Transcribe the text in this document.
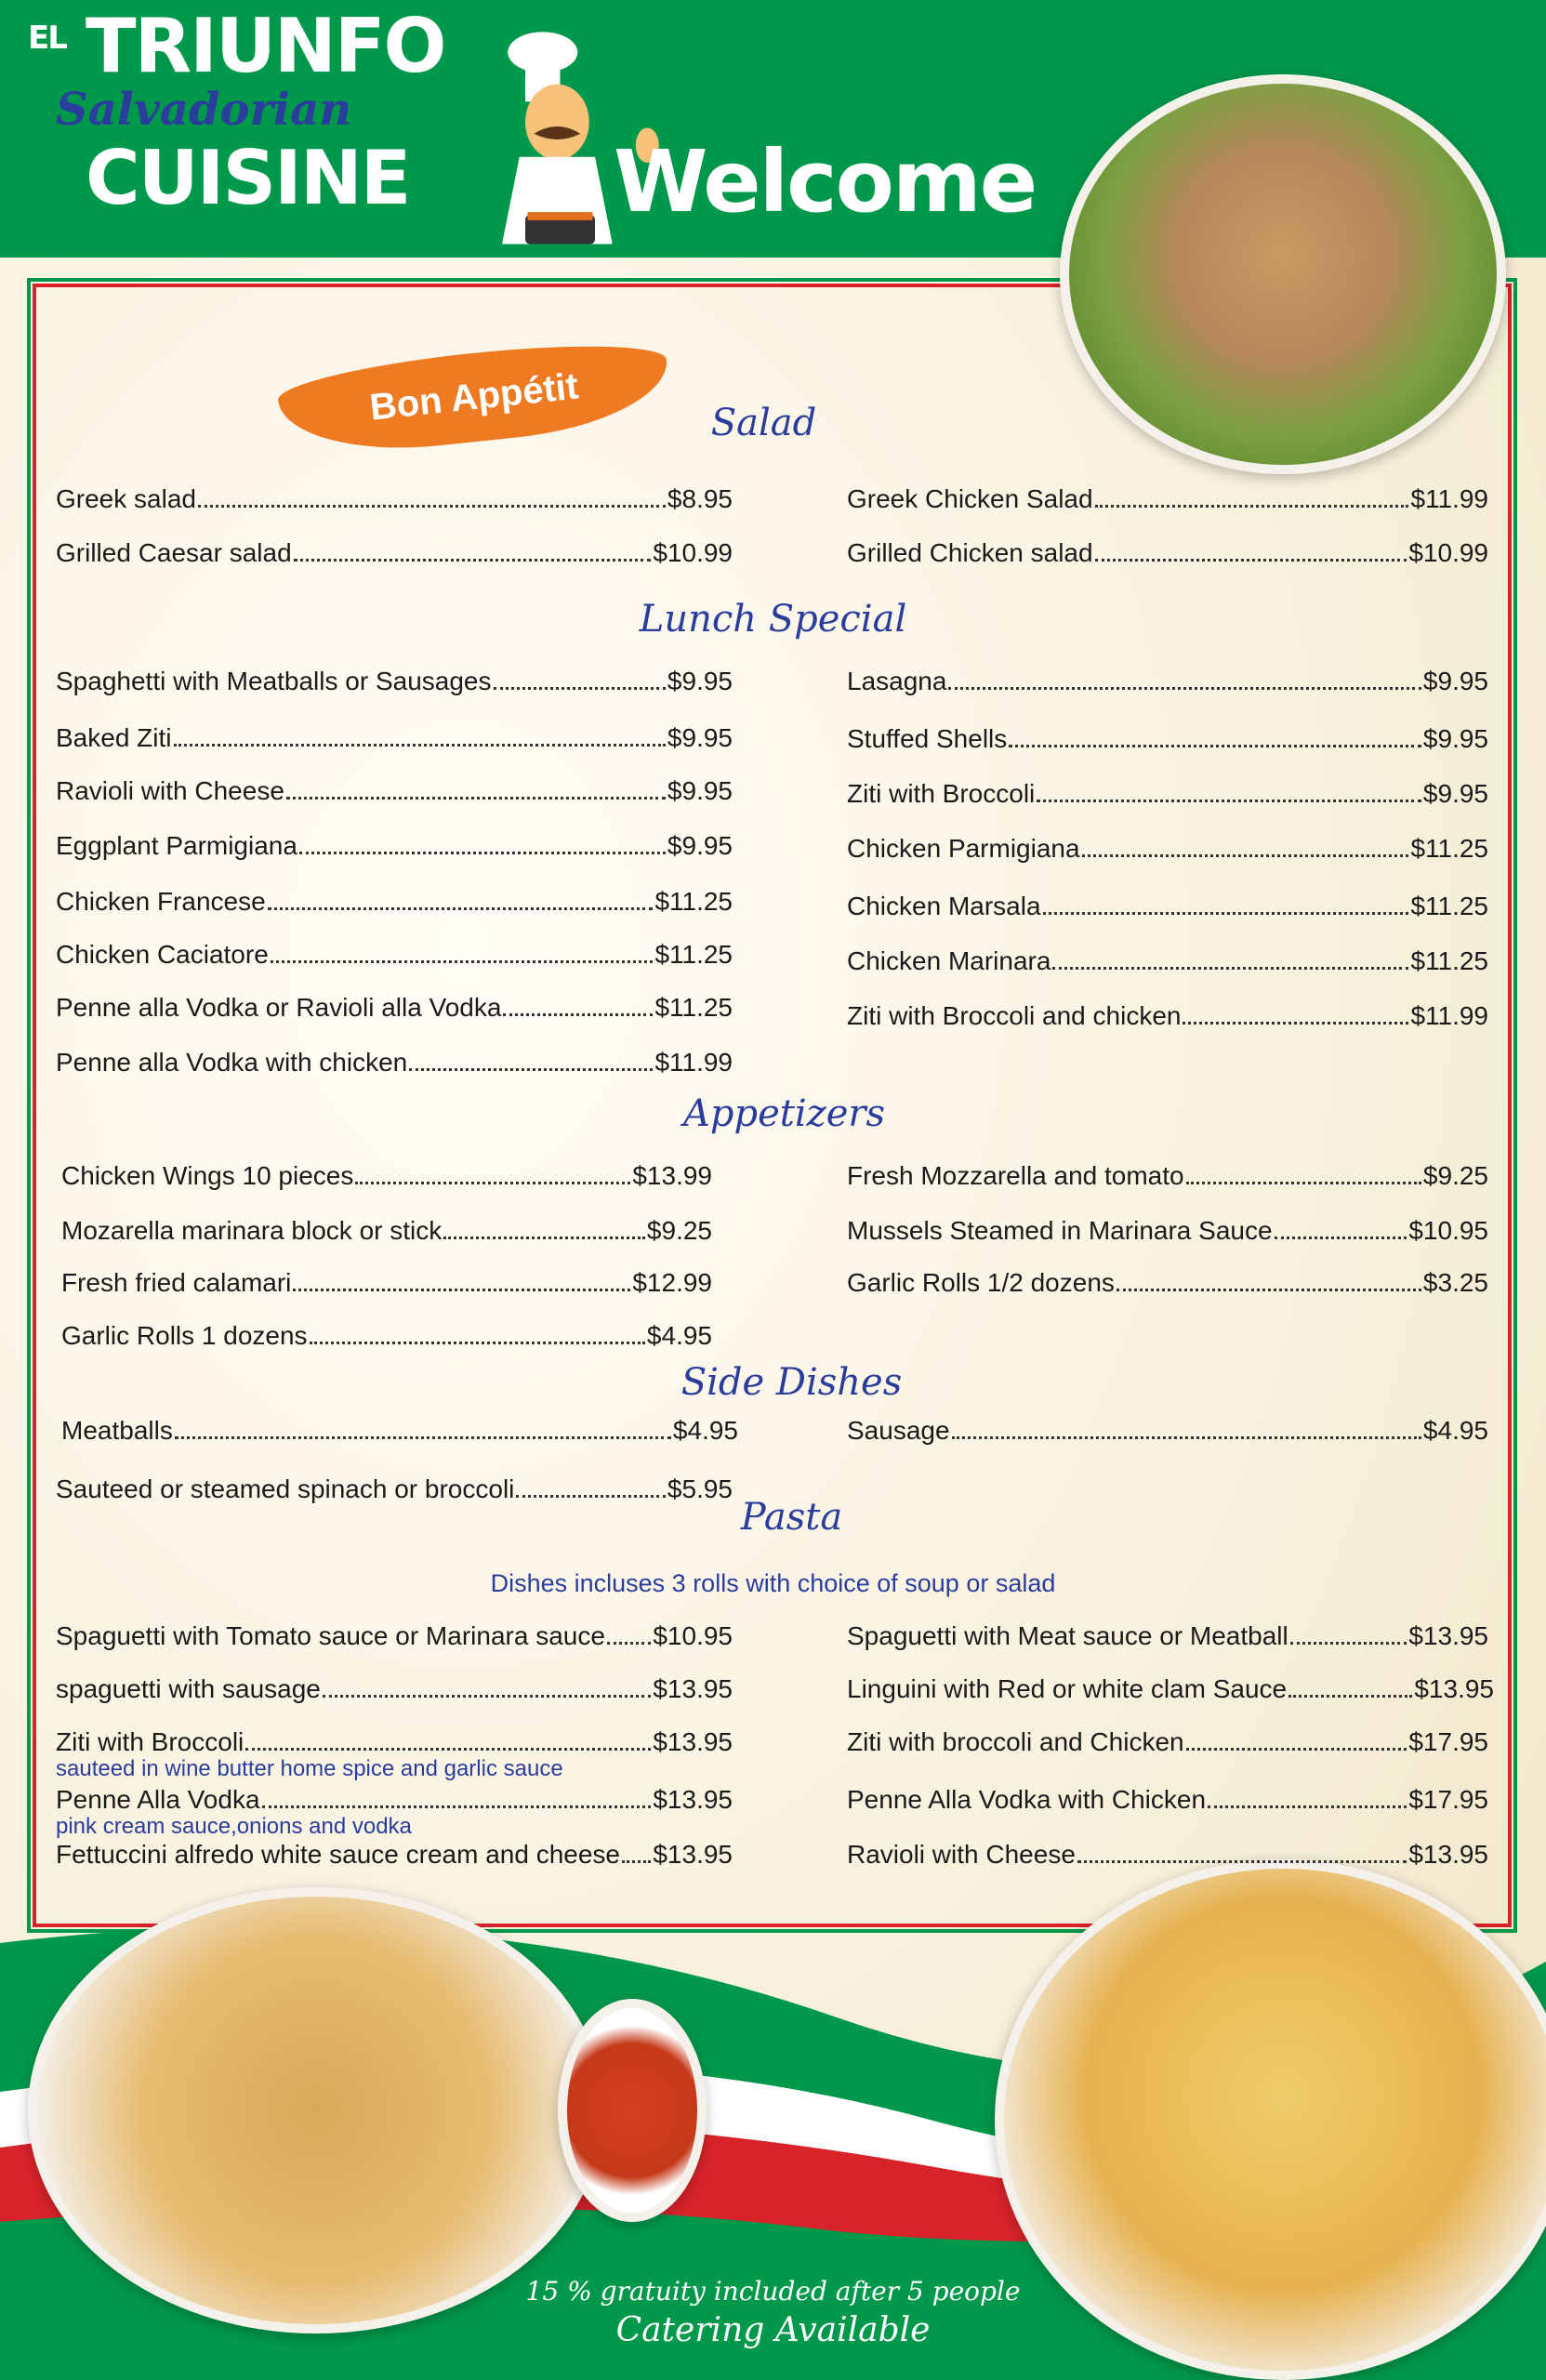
EL TRIUNFO
Salvadorian
CUISINE
Bon Appétit
Welcome
Salad
Lunch Special
Appetizers
Side Dishes
Pasta
Dishes incluses 3 rolls with choice of soup or salad
Greek salad	$8.95
Grilled Caesar salad	$10.99
Greek Chicken Salad	$11.99
Grilled Chicken salad	$10.99
Spaghetti with Meatballs or Sausages	$9.95
Baked Ziti	$9.95
Ravioli with Cheese	$9.95
Eggplant Parmigiana	$9.95
Chicken Francese	$11.25
Chicken Caciatore	$11.25
Penne alla Vodka or Ravioli alla Vodka	$11.25
Penne alla Vodka with chicken	$11.99
Lasagna	$9.95
Stuffed Shells	$9.95
Ziti with Broccoli	$9.95
Chicken Parmigiana	$11.25
Chicken Marsala	$11.25
Chicken Marinara	$11.25
Ziti with Broccoli and chicken	$11.99
Chicken Wings 10 pieces	$13.99
Mozarella marinara block or stick	$9.25
Fresh fried calamari	$12.99
Garlic Rolls 1 dozens	$4.95
Fresh Mozzarella and tomato	$9.25
Mussels Steamed in Marinara Sauce	$10.95
Garlic Rolls 1/2 dozens	$3.25
Meatballs	$4.95
Sauteed or steamed spinach or broccoli	$5.95
Sausage	$4.95
Spaguetti with Tomato sauce or Marinara sauce $10.95
spaguetti with sausage	$13.95
Ziti with Broccoli	$13.95
sauteed in wine butter home spice and garlic sauce
Penne Alla Vodka	$13.95
pink cream sauce,onions and vodka
Fettuccini alfredo white sauce cream and cheese $13.95
Spaguetti with Meat sauce or Meatball	$13.95
Linguini with Red or white clam Sauce	$13.95
Ziti with broccoli and Chicken	$17.95
Penne Alla Vodka with Chicken	$17.95
Ravioli with Cheese	$13.95
15 % gratuity included after 5 people
Catering Available
